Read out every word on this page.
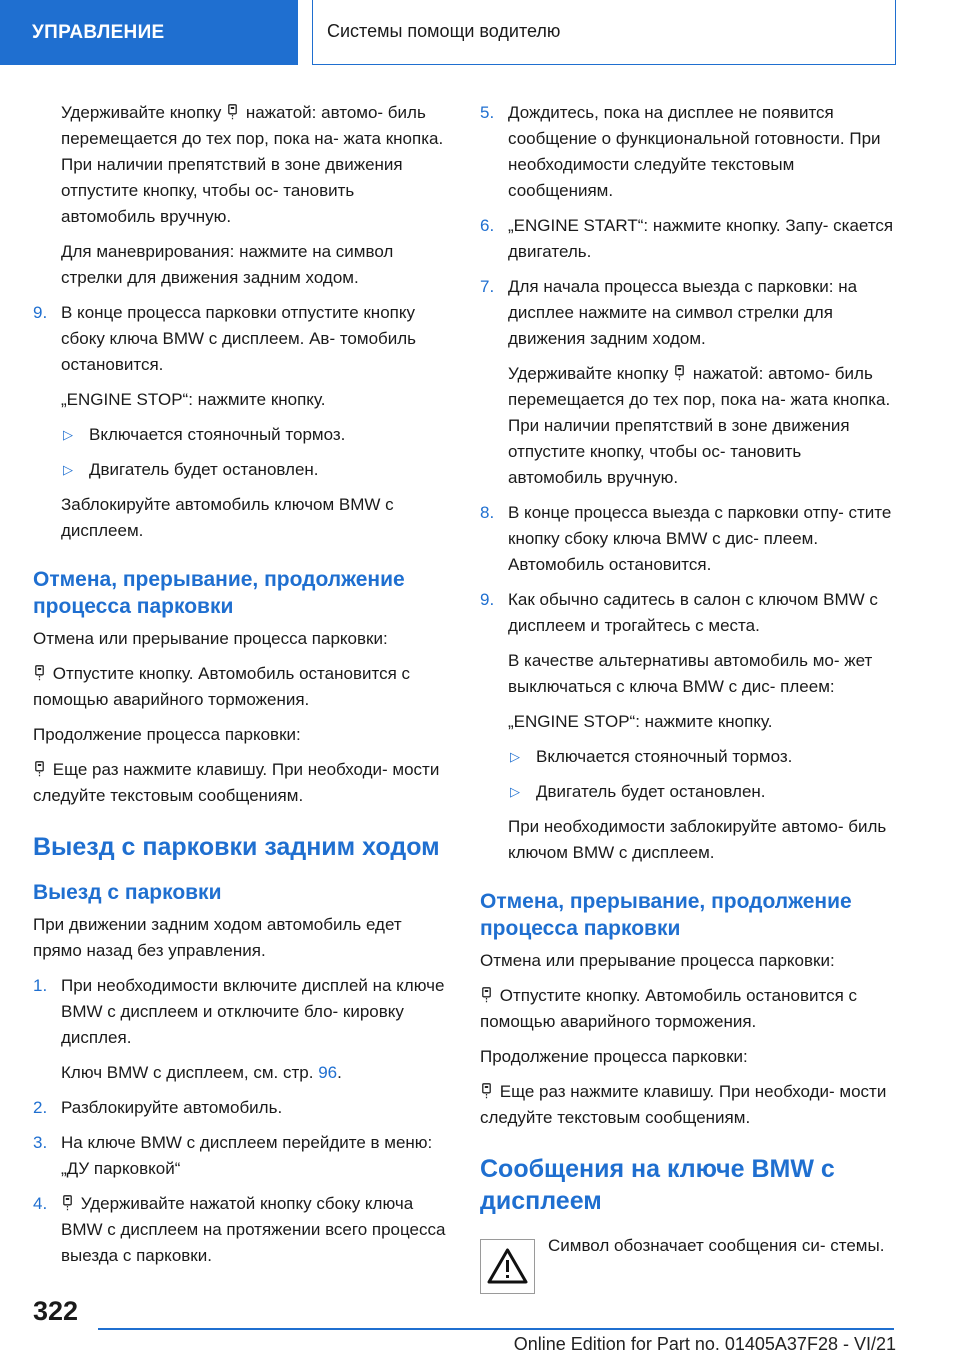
УПРАВЛЕНИЕ	Системы помощи водителю

Удерживайте кнопку нажатой: автомо- биль перемещается до тех пор, пока на- жата кнопка. При наличии препятствий в зоне движения отпустите кнопку, чтобы ос- тановить автомобиль вручную.

Для маневрирования: нажмите на символ стрелки для движения задним ходом.

9. В конце процесса парковки отпустите кнопку сбоку ключа BMW с дисплеем. Ав- томобиль остановится.

„ENGINE STOP“: нажмите кнопку.

▷ Включается стояночный тормоз.

▷ Двигатель будет остановлен.

Заблокируйте автомобиль ключом BMW с дисплеем.

Отмена, прерывание, продолжение процесса парковки

Отмена или прерывание процесса парковки:

Отпустите кнопку. Автомобиль остановится с помощью аварийного торможения.

Продолжение процесса парковки:

Еще раз нажмите клавишу. При необходи- мости следуйте текстовым сообщениям.

Выезд с парковки задним ходом
Выезд с парковки

При движении задним ходом автомобиль едет прямо назад без управления.

1. При необходимости включите дисплей на ключе BMW с дисплеем и отключите бло- кировку дисплея.

Ключ BMW с дисплеем, см. стр. 96.

2. Разблокируйте автомобиль.

3. На ключе BMW с дисплеем перейдите в меню: „ДУ парковкой“

4. Удерживайте нажатой кнопку сбоку ключа BMW с дисплеем на протяжении всего процесса выезда с парковки.

5. Дождитесь, пока на дисплее не появится сообщение о функциональной готовности. При необходимости следуйте текстовым сообщениям.

6. „ENGINE START“: нажмите кнопку. Запу- скается двигатель.

7. Для начала процесса выезда с парковки: на дисплее нажмите на символ стрелки для движения задним ходом.

Удерживайте кнопку нажатой: автомо- биль перемещается до тех пор, пока на- жата кнопка. При наличии препятствий в зоне движения отпустите кнопку, чтобы ос- тановить автомобиль вручную.

8. В конце процесса выезда с парковки отпу- стите кнопку сбоку ключа BMW с дис- плеем. Автомобиль остановится.

9. Как обычно садитесь в салон с ключом BMW с дисплеем и трогайтесь с места.

В качестве альтернативы автомобиль мо- жет выключаться с ключа BMW с дис- плеем:

„ENGINE STOP“: нажмите кнопку.

▷ Включается стояночный тормоз.

▷ Двигатель будет остановлен.

При необходимости заблокируйте автомо- биль ключом BMW с дисплеем.

Отмена, прерывание, продолжение процесса парковки

Отмена или прерывание процесса парковки:

Отпустите кнопку. Автомобиль остановится с помощью аварийного торможения.

Продолжение процесса парковки:

Еще раз нажмите клавишу. При необходи- мости следуйте текстовым сообщениям.

Сообщения на ключе BMW с дисплеем
Символ обозначает сообщения си- стемы.
322
Online Edition for Part no. 01405A37F28 - VI/21
